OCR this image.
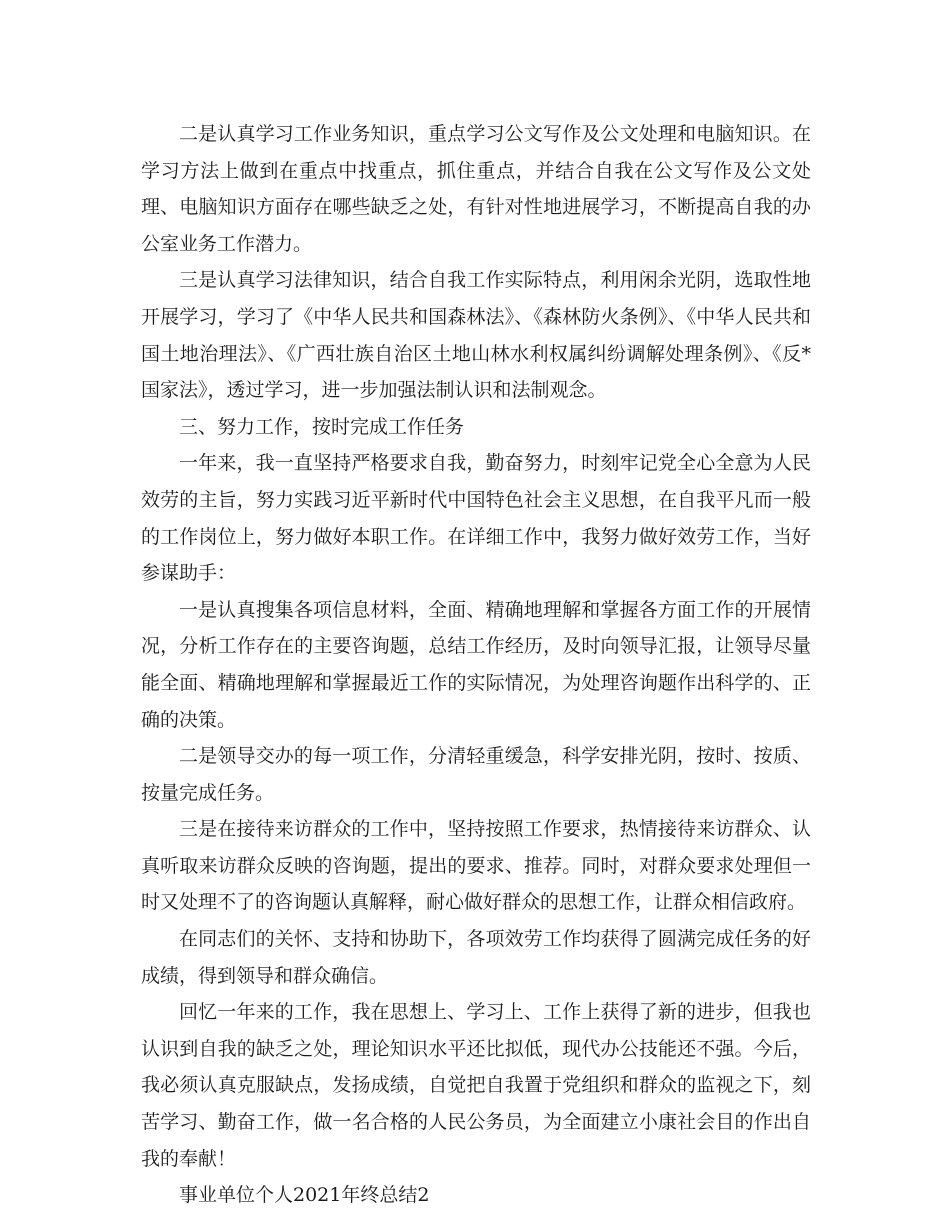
二是认真学习工作业务知识，重点学习公文写作及公文处理和电脑知识。在学习方法上做到在重点中找重点，抓住重点，并结合自我在公文写作及公文处理、电脑知识方面存在哪些缺乏之处，有针对性地进展学习，不断提高自我的办公室业务工作潜力。

三是认真学习法律知识，结合自我工作实际特点，利用闲余光阴，选取性地开展学习，学习了《中华人民共和国森林法》、《森林防火条例》、《中华人民共和国土地治理法》、《广西壮族自治区土地山林水利权属纠纷调解处理条例》、《反*国家法》，透过学习，进一步加强法制认识和法制观念。

三、努力工作，按时完成工作任务

一年来，我一直坚持严格要求自我，勤奋努力，时刻牢记党全心全意为人民效劳的主旨，努力实践习近平新时代中国特色社会主义思想，在自我平凡而一般的工作岗位上，努力做好本职工作。在详细工作中，我努力做好效劳工作，当好参谋助手：

一是认真搜集各项信息材料，全面、精确地理解和掌握各方面工作的开展情况，分析工作存在的主要咨询题，总结工作经历，及时向领导汇报，让领导尽量能全面、精确地理解和掌握最近工作的实际情况，为处理咨询题作出科学的、正确的决策。

二是领导交办的每一项工作，分清轻重缓急，科学安排光阴，按时、按质、按量完成任务。

三是在接待来访群众的工作中，坚持按照工作要求，热情接待来访群众、认真听取来访群众反映的咨询题，提出的要求、推荐。同时，对群众要求处理但一时又处理不了的咨询题认真解释，耐心做好群众的思想工作，让群众相信政府。

在同志们的关怀、支持和协助下，各项效劳工作均获得了圆满完成任务的好成绩，得到领导和群众确信。

回忆一年来的工作，我在思想上、学习上、工作上获得了新的进步，但我也认识到自我的缺乏之处，理论知识水平还比拟低，现代办公技能还不强。今后，我必须认真克服缺点，发扬成绩，自觉把自我置于党组织和群众的监视之下，刻苦学习、勤奋工作，做一名合格的人民公务员，为全面建立小康社会目的作出自我的奉献！

事业单位个人2021年终总结2
